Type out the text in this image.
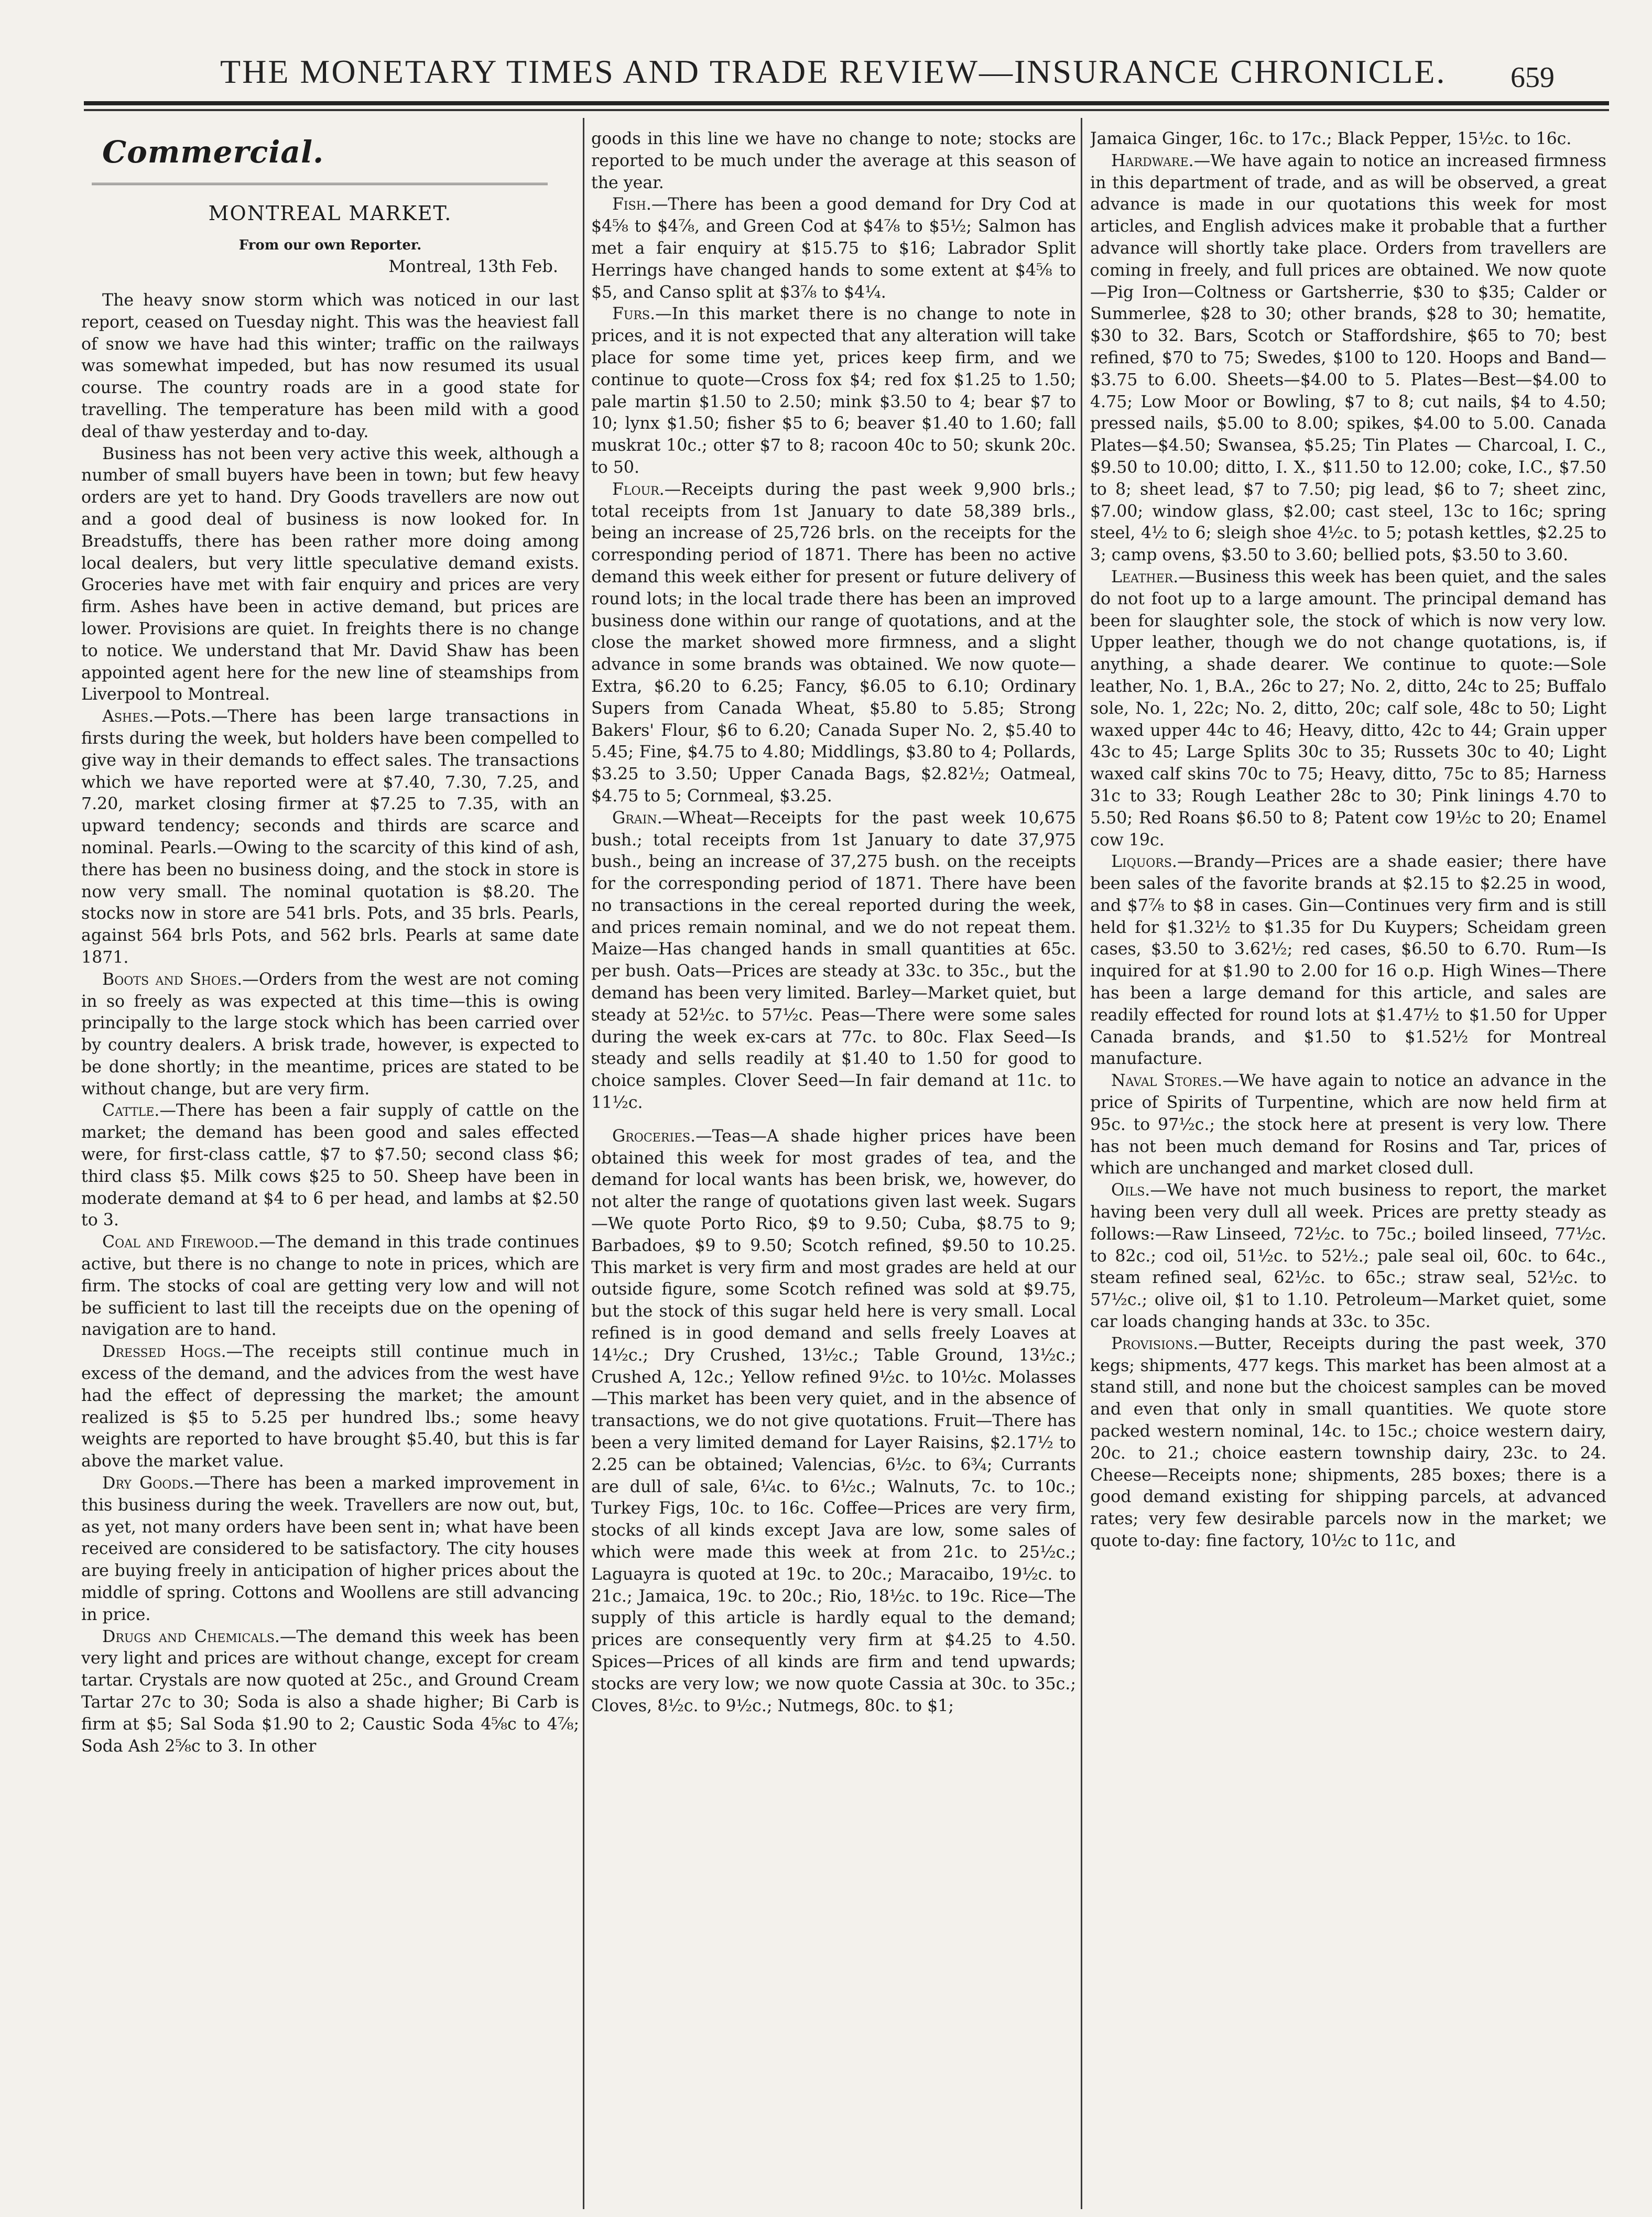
THE MONETARY TIMES AND TRADE REVIEW—INSURANCE CHRONICLE. 659
Commercial.
MONTREAL MARKET.
From our own Reporter.
Montreal, 13th Feb.

The heavy snow storm which was noticed in our last report, ceased on Tuesday night. This was the heaviest fall of snow we have had this winter; traffic on the railways was somewhat impeded, but has now resumed its usual course. The country roads are in a good state for travelling. The temperature has been mild with a good deal of thaw yesterday and to-day.

Business has not been very active this week, although a number of small buyers have been in town; but few heavy orders are yet to hand. Dry Goods travellers are now out and a good deal of business is now looked for. In Breadstuffs, there has been rather more doing among local dealers, but very little speculative demand exists. Groceries have met with fair enquiry and prices are very firm. Ashes have been in active demand, but prices are lower. Provisions are quiet. In freights there is no change to notice. We understand that Mr. David Shaw has been appointed agent here for the new line of steamships from Liverpool to Montreal.

Ashes.—Pots.—There has been large transactions in firsts during the week, but holders have been compelled to give way in their demands to effect sales. The transactions which we have reported were at $7.40, 7.30, 7.25, and 7.20, market closing firmer at $7.25 to 7.35, with an upward tendency; seconds and thirds are scarce and nominal. Pearls.—Owing to the scarcity of this kind of ash, there has been no business doing, and the stock in store is now very small. The nominal quotation is $8.20. The stocks now in store are 541 brls. Pots, and 35 brls. Pearls, against 564 brls Pots, and 562 brls. Pearls at same date 1871.

Boots and Shoes.—Orders from the west are not coming in so freely as was expected at this time—this is owing principally to the large stock which has been carried over by country dealers. A brisk trade, however, is expected to be done shortly; in the meantime, prices are stated to be without change, but are very firm.

Cattle.—There has been a fair supply of cattle on the market; the demand has been good and sales effected were, for first-class cattle, $7 to $7.50; second class $6; third class $5. Milk cows $25 to 50. Sheep have been in moderate demand at $4 to 6 per head, and lambs at $2.50 to 3.

Coal and Firewood.—The demand in this trade continues active, but there is no change to note in prices, which are firm. The stocks of coal are getting very low and will not be sufficient to last till the receipts due on the opening of navigation are to hand.

Dressed Hogs.—The receipts still continue much in excess of the demand, and the advices from the west have had the effect of depressing the market; the amount realized is $5 to 5.25 per hundred lbs.; some heavy weights are reported to have brought $5.40, but this is far above the market value.

Dry Goods.—There has been a marked improvement in this business during the week. Travellers are now out, but, as yet, not many orders have been sent in; what have been received are considered to be satisfactory. The city houses are buying freely in anticipation of higher prices about the middle of spring. Cottons and Woollens are still advancing in price.

Drugs and Chemicals.—The demand this week has been very light and prices are without change, except for cream tartar. Crystals are now quoted at 25c., and Ground Cream Tartar 27c to 30; Soda is also a shade higher; Bi Carb is firm at $5; Sal Soda $1.90 to 2; Caustic Soda 4⅝c to 4⅞; Soda Ash 2⅝c to 3. In other

goods in this line we have no change to note; stocks are reported to be much under the average at this season of the year.

Fish.—There has been a good demand for Dry Cod at $4⅝ to $4⅞, and Green Cod at $4⅞ to $5½; Salmon has met a fair enquiry at $15.75 to $16; Labrador Split Herrings have changed hands to some extent at $4⅝ to $5, and Canso split at $3⅞ to $4¼.

Furs.—In this market there is no change to note in prices, and it is not expected that any alteration will take place for some time yet, prices keep firm, and we continue to quote—Cross fox $4; red fox $1.25 to 1.50; pale martin $1.50 to 2.50; mink $3.50 to 4; bear $7 to 10; lynx $1.50; fisher $5 to 6; beaver $1.40 to 1.60; fall muskrat 10c.; otter $7 to 8; racoon 40c to 50; skunk 20c. to 50.

Flour.—Receipts during the past week 9,900 brls.; total receipts from 1st January to date 58,389 brls., being an increase of 25,726 brls. on the receipts for the corresponding period of 1871. There has been no active demand this week either for present or future delivery of round lots; in the local trade there has been an improved business done within our range of quotations, and at the close the market showed more firmness, and a slight advance in some brands was obtained. We now quote—Extra, $6.20 to 6.25; Fancy, $6.05 to 6.10; Ordinary Supers from Canada Wheat, $5.80 to 5.85; Strong Bakers' Flour, $6 to 6.20; Canada Super No. 2, $5.40 to 5.45; Fine, $4.75 to 4.80; Middlings, $3.80 to 4; Pollards, $3.25 to 3.50; Upper Canada Bags, $2.82½; Oatmeal, $4.75 to 5; Cornmeal, $3.25.

Grain.—Wheat—Receipts for the past week 10,675 bush.; total receipts from 1st January to date 37,975 bush., being an increase of 37,275 bush. on the receipts for the corresponding period of 1871. There have been no transactions in the cereal reported during the week, and prices remain nominal, and we do not repeat them. Maize—Has changed hands in small quantities at 65c. per bush. Oats—Prices are steady at 33c. to 35c., but the demand has been very limited. Barley—Market quiet, but steady at 52½c. to 57½c. Peas—There were some sales during the week ex-cars at 77c. to 80c. Flax Seed—Is steady and sells readily at $1.40 to 1.50 for good to choice samples. Clover Seed—In fair demand at 11c. to 11½c.

Groceries.—Teas—A shade higher prices have been obtained this week for most grades of tea, and the demand for local wants has been brisk, we, however, do not alter the range of quotations given last week. Sugars—We quote Porto Rico, $9 to 9.50; Cuba, $8.75 to 9; Barbadoes, $9 to 9.50; Scotch refined, $9.50 to 10.25. This market is very firm and most grades are held at our outside figure, some Scotch refined was sold at $9.75, but the stock of this sugar held here is very small. Local refined is in good demand and sells freely Loaves at 14½c.; Dry Crushed, 13½c.; Table Ground, 13½c.; Crushed A, 12c.; Yellow refined 9½c. to 10½c. Molasses—This market has been very quiet, and in the absence of transactions, we do not give quotations. Fruit—There has been a very limited demand for Layer Raisins, $2.17½ to 2.25 can be obtained; Valencias, 6½c. to 6¾; Currants are dull of sale, 6¼c. to 6½c.; Walnuts, 7c. to 10c.; Turkey Figs, 10c. to 16c. Coffee—Prices are very firm, stocks of all kinds except Java are low, some sales of which were made this week at from 21c. to 25½c.; Laguayra is quoted at 19c. to 20c.; Maracaibo, 19½c. to 21c.; Jamaica, 19c. to 20c.; Rio, 18½c. to 19c. Rice—The supply of this article is hardly equal to the demand; prices are consequently very firm at $4.25 to 4.50. Spices—Prices of all kinds are firm and tend upwards; stocks are very low; we now quote Cassia at 30c. to 35c.; Cloves, 8½c. to 9½c.; Nutmegs, 80c. to $1;

Jamaica Ginger, 16c. to 17c.; Black Pepper, 15½c. to 16c.

Hardware.—We have again to notice an increased firmness in this department of trade, and as will be observed, a great advance is made in our quotations this week for most articles, and English advices make it probable that a further advance will shortly take place. Orders from travellers are coming in freely, and full prices are obtained. We now quote—Pig Iron—Coltness or Gartsherrie, $30 to $35; Calder or Summerlee, $28 to 30; other brands, $28 to 30; hematite, $30 to 32. Bars, Scotch or Staffordshire, $65 to 70; best refined, $70 to 75; Swedes, $100 to 120. Hoops and Band—$3.75 to 6.00. Sheets—$4.00 to 5. Plates—Best—$4.00 to 4.75; Low Moor or Bowling, $7 to 8; cut nails, $4 to 4.50; pressed nails, $5.00 to 8.00; spikes, $4.00 to 5.00. Canada Plates—$4.50; Swansea, $5.25; Tin Plates — Charcoal, I. C., $9.50 to 10.00; ditto, I. X., $11.50 to 12.00; coke, I.C., $7.50 to 8; sheet lead, $7 to 7.50; pig lead, $6 to 7; sheet zinc, $7.00; window glass, $2.00; cast steel, 13c to 16c; spring steel, 4½ to 6; sleigh shoe 4½c. to 5; potash kettles, $2.25 to 3; camp ovens, $3.50 to 3.60; bellied pots, $3.50 to 3.60.

Leather.—Business this week has been quiet, and the sales do not foot up to a large amount. The principal demand has been for slaughter sole, the stock of which is now very low. Upper leather, though we do not change quotations, is, if anything, a shade dearer. We continue to quote:—Sole leather, No. 1, B.A., 26c to 27; No. 2, ditto, 24c to 25; Buffalo sole, No. 1, 22c; No. 2, ditto, 20c; calf sole, 48c to 50; Light waxed upper 44c to 46; Heavy, ditto, 42c to 44; Grain upper 43c to 45; Large Splits 30c to 35; Russets 30c to 40; Light waxed calf skins 70c to 75; Heavy, ditto, 75c to 85; Harness 31c to 33; Rough Leather 28c to 30; Pink linings 4.70 to 5.50; Red Roans $6.50 to 8; Patent cow 19½c to 20; Enamel cow 19c.

Liquors.—Brandy—Prices are a shade easier; there have been sales of the favorite brands at $2.15 to $2.25 in wood, and $7⅞ to $8 in cases. Gin—Continues very firm and is still held for $1.32½ to $1.35 for Du Kuypers; Scheidam green cases, $3.50 to 3.62½; red cases, $6.50 to 6.70. Rum—Is inquired for at $1.90 to 2.00 for 16 o.p. High Wines—There has been a large demand for this article, and sales are readily effected for round lots at $1.47½ to $1.50 for Upper Canada brands, and $1.50 to $1.52½ for Montreal manufacture.

Naval Stores.—We have again to notice an advance in the price of Spirits of Turpentine, which are now held firm at 95c. to 97½c.; the stock here at present is very low. There has not been much demand for Rosins and Tar, prices of which are unchanged and market closed dull.

Oils.—We have not much business to report, the market having been very dull all week. Prices are pretty steady as follows:—Raw Linseed, 72½c. to 75c.; boiled linseed, 77½c. to 82c.; cod oil, 51½c. to 52½.; pale seal oil, 60c. to 64c., steam refined seal, 62½c. to 65c.; straw seal, 52½c. to 57½c.; olive oil, $1 to 1.10. Petroleum—Market quiet, some car loads changing hands at 33c. to 35c.

Provisions.—Butter, Receipts during the past week, 370 kegs; shipments, 477 kegs. This market has been almost at a stand still, and none but the choicest samples can be moved and even that only in small quantities. We quote store packed western nominal, 14c. to 15c.; choice western dairy, 20c. to 21.; choice eastern township dairy, 23c. to 24. Cheese—Receipts none; shipments, 285 boxes; there is a good demand existing for shipping parcels, at advanced rates; very few desirable parcels now in the market; we quote to-day: fine factory, 10½c to 11c, and
